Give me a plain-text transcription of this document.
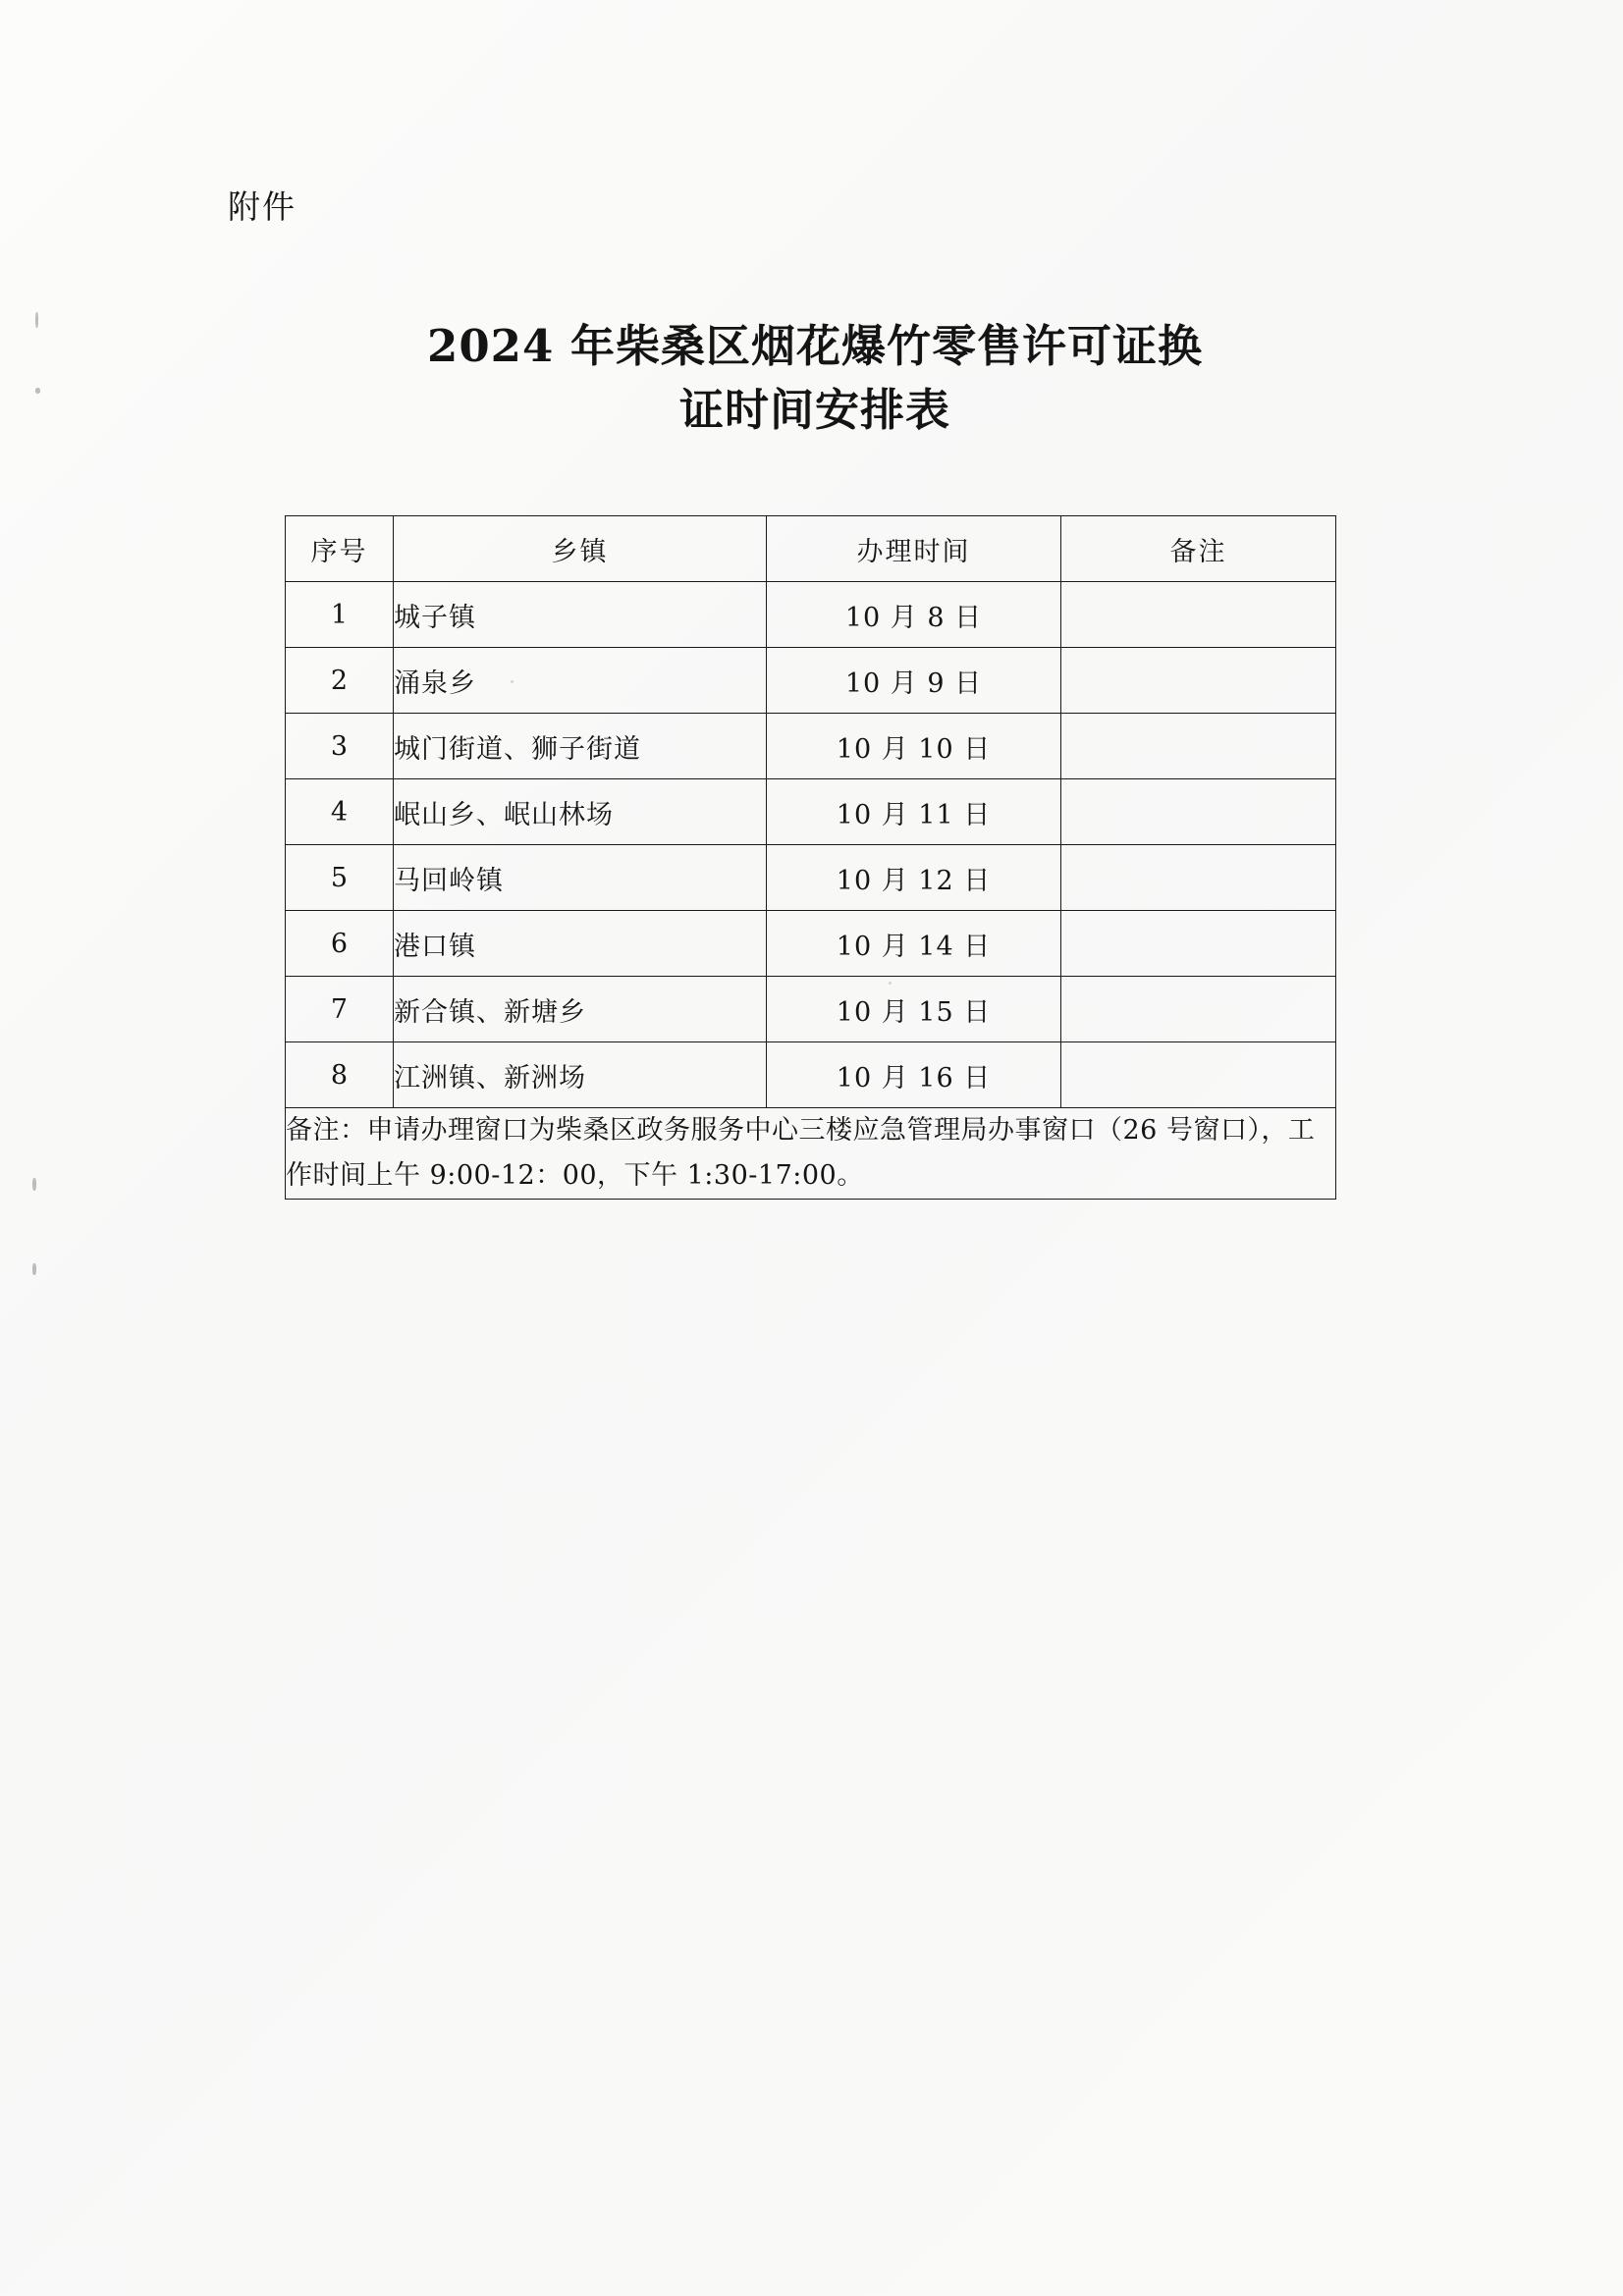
附件
2024 年柴桑区烟花爆竹零售许可证换
证时间安排表
序号	乡镇	办理时间	备注
1	城子镇	10 月 8 日	
2	涌泉乡	10 月 9 日	
3	城门街道、狮子街道	10 月 10 日	
4	岷山乡、岷山林场	10 月 11 日	
5	马回岭镇	10 月 12 日	
6	港口镇	10 月 14 日	
7	新合镇、新塘乡	10 月 15 日	
8	江洲镇、新洲场	10 月 16 日	
备注：申请办理窗口为柴桑区政务服务中心三楼应急管理局办事窗口（26 号窗口），工作时间上午 9:00-12：00，下午 1:30-17:00。			
